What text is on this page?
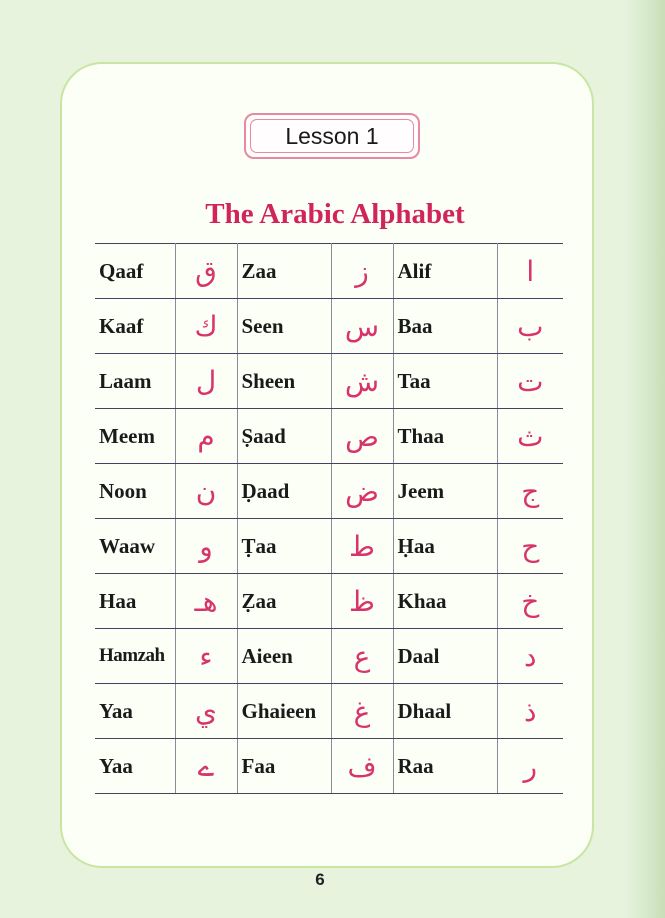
Lesson 1
The Arabic Alphabet
Qaaf	ق	Zaa	ز	Alif	ا
Kaaf	ك	Seen	س	Baa	ب
Laam	ل	Sheen	ش	Taa	ت
Meem	م	Ṣaad	ص	Thaa	ث
Noon	ن	Ḍaad	ض	Jeem	ج
Waaw	و	Ṭaa	ط	Ḥaa	ح
Haa	هـ	Ẓaa	ظ	Khaa	خ
Hamzah	ء	Aieen	ع	Daal	د
Yaa	ي	Ghaieen	غ	Dhaal	ذ
Yaa	ے	Faa	ف	Raa	ر
6
